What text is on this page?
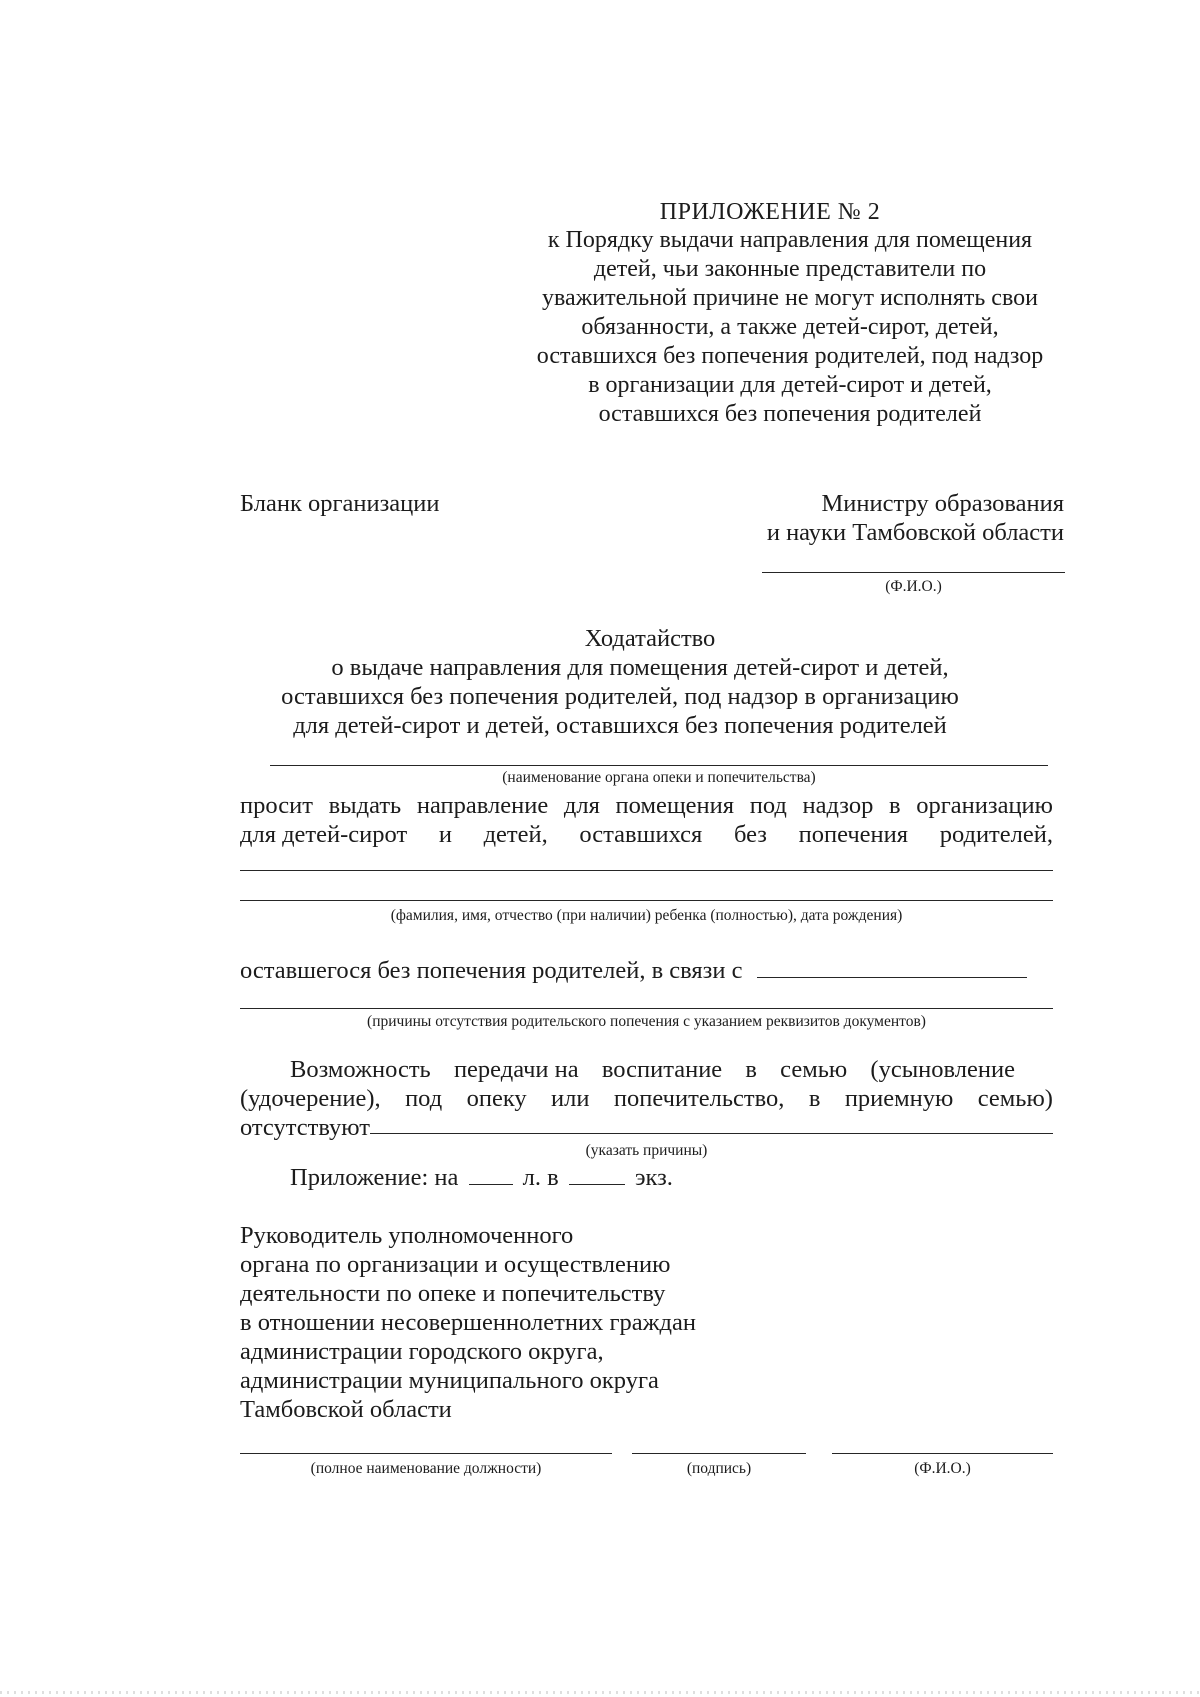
ПРИЛОЖЕНИЕ № 2
к Порядку выдачи направления для помещения
детей, чьи законные представители по
уважительной причине не могут исполнять свои
обязанности, а также детей-сирот, детей,
оставшихся без попечения родителей, под надзор
в организации для детей-сирот и детей,
оставшихся без попечения родителей
Бланк организации	Министру образования
и науки Тамбовской области
(Ф.И.О.)
Ходатайство
о выдаче направления для помещения детей-сирот и детей,
оставшихся без попечения родителей, под надзор в организацию
для детей-сирот и детей, оставшихся без попечения родителей
(наименование органа опеки и попечительства)
просит выдать направление для помещения под надзор в организацию
для детей-сирот и детей, оставшихся без попечения родителей,
(фамилия, имя, отчество (при наличии) ребенка (полностью), дата рождения)
оставшегося без попечения родителей, в связи с
(причины отсутствия родительского попечения с указанием реквизитов документов)
Возможность передачи на воспитание в семью (усыновление
(удочерение), под опеку или попечительство, в приемную семью)
отсутствуют
(указать причины)
Приложение: на	л. в	экз.
Руководитель уполномоченного
органа по организации и осуществлению
деятельности по опеке и попечительству
в отношении несовершеннолетних граждан
администрации городского округа,
администрации муниципального округа
Тамбовской области
(полное наименование должности)	(подпись)	(Ф.И.О.)
